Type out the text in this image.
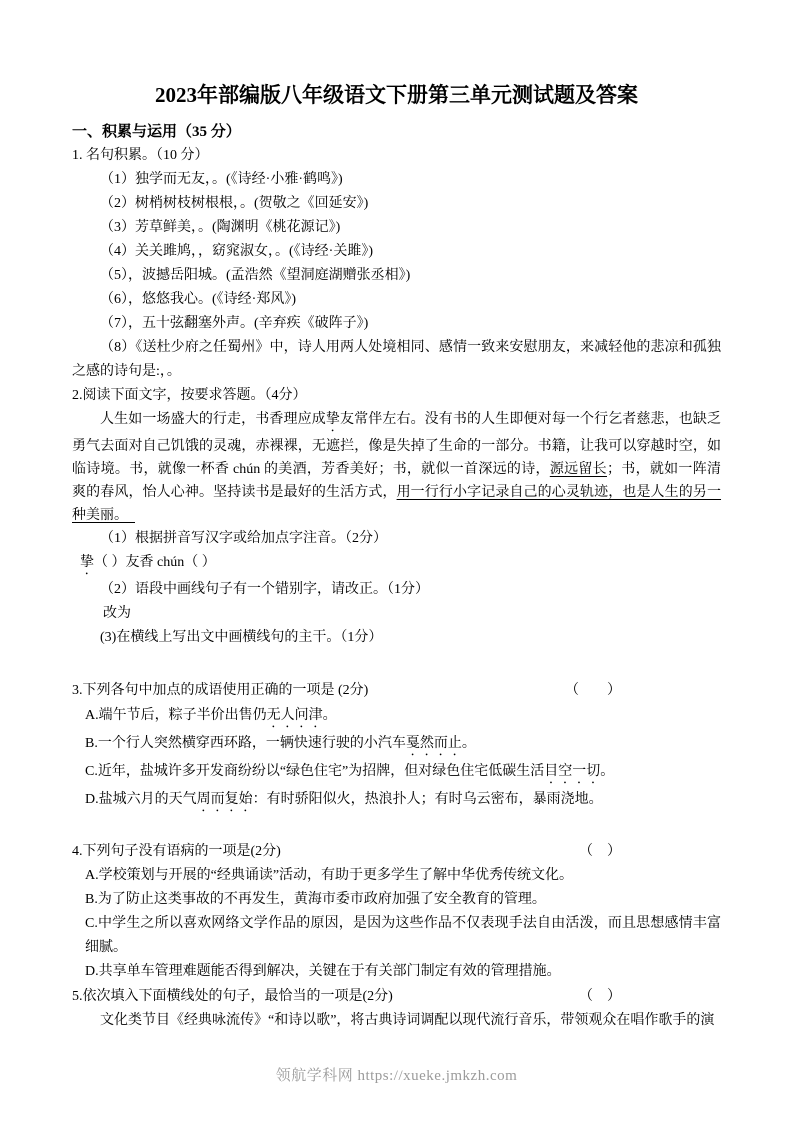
2023年部编版八年级语文下册第三单元测试题及答案
一、积累与运用（35 分）
1. 名句积累。（10 分）
（1）独学而无友，。(《诗经·小雅·鹤鸣》)
（2）树梢树枝树根根，。(贺敬之《回延安》)
（3）芳草鲜美，。(陶渊明《桃花源记》)
（4）关关雎鸠，，窈窕淑女，。(《诗经·关雎》)
（5），波撼岳阳城。(孟浩然《望洞庭湖赠张丞相》)
（6），悠悠我心。(《诗经·郑风》)
（7），五十弦翻塞外声。(辛弃疾《破阵子》)
（8）《送杜少府之任蜀州》中，诗人用两人处境相同、感情一致来安慰朋友，来减轻他的悲凉和孤独之感的诗句是:，。
2.阅读下面文字，按要求答题。（4分）

人生如一场盛大的行走，书香理应成挚友常伴左右。没有书的人生即便对每一个行乞者慈悲，也缺乏勇气去面对自己饥饿的灵魂，赤裸裸，无遮拦，像是失掉了生命的一部分。书籍，让我可以穿越时空，如临诗境。书，就像一杯香 chún 的美酒，芳香美好；书，就似一首深远的诗，源远留长；书，就如一阵清爽的春风，怡人心神。坚持读书是最好的生活方式，用一行行小字记录自己的心灵轨迹，也是人生的另一种美丽。　

（1）根据拼音写汉字或给加点字注音。（2分）
挚（ ）友香 chún（ ）
（2）语段中画线句子有一个错别字，请改正。（1分）
改为
(3)在横线上写出文中画横线句的主干。（1分）
3.下列各句中加点的成语使用正确的一项是 (2分)	（　　）
A.端午节后，粽子半价出售仍无人问津。
B.一个行人突然横穿西环路，一辆快速行驶的小汽车戛然而止。
C.近年，盐城许多开发商纷纷以“绿色住宅”为招牌，但对绿色住宅低碳生活目空一切。
D.盐城六月的天气周而复始：有时骄阳似火，热浪扑人；有时乌云密布，暴雨浇地。
4.下列句子没有语病的一项是(2分)	（　）
A.学校策划与开展的“经典诵读”活动，有助于更多学生了解中华优秀传统文化。
B.为了防止这类事故的不再发生，黄海市委市政府加强了安全教育的管理。
C.中学生之所以喜欢网络文学作品的原因，是因为这些作品不仅表现手法自由活泼，而且思想感情丰富细腻。
D.共享单车管理难题能否得到解决，关键在于有关部门制定有效的管理措施。
5.依次填入下面横线处的句子，最恰当的一项是(2分)	（　）
文化类节目《经典咏流传》“和诗以歌”，将古典诗词调配以现代流行音乐，带领观众在唱作歌手的演
领航学科网 https://xueke.jmkzh.com
